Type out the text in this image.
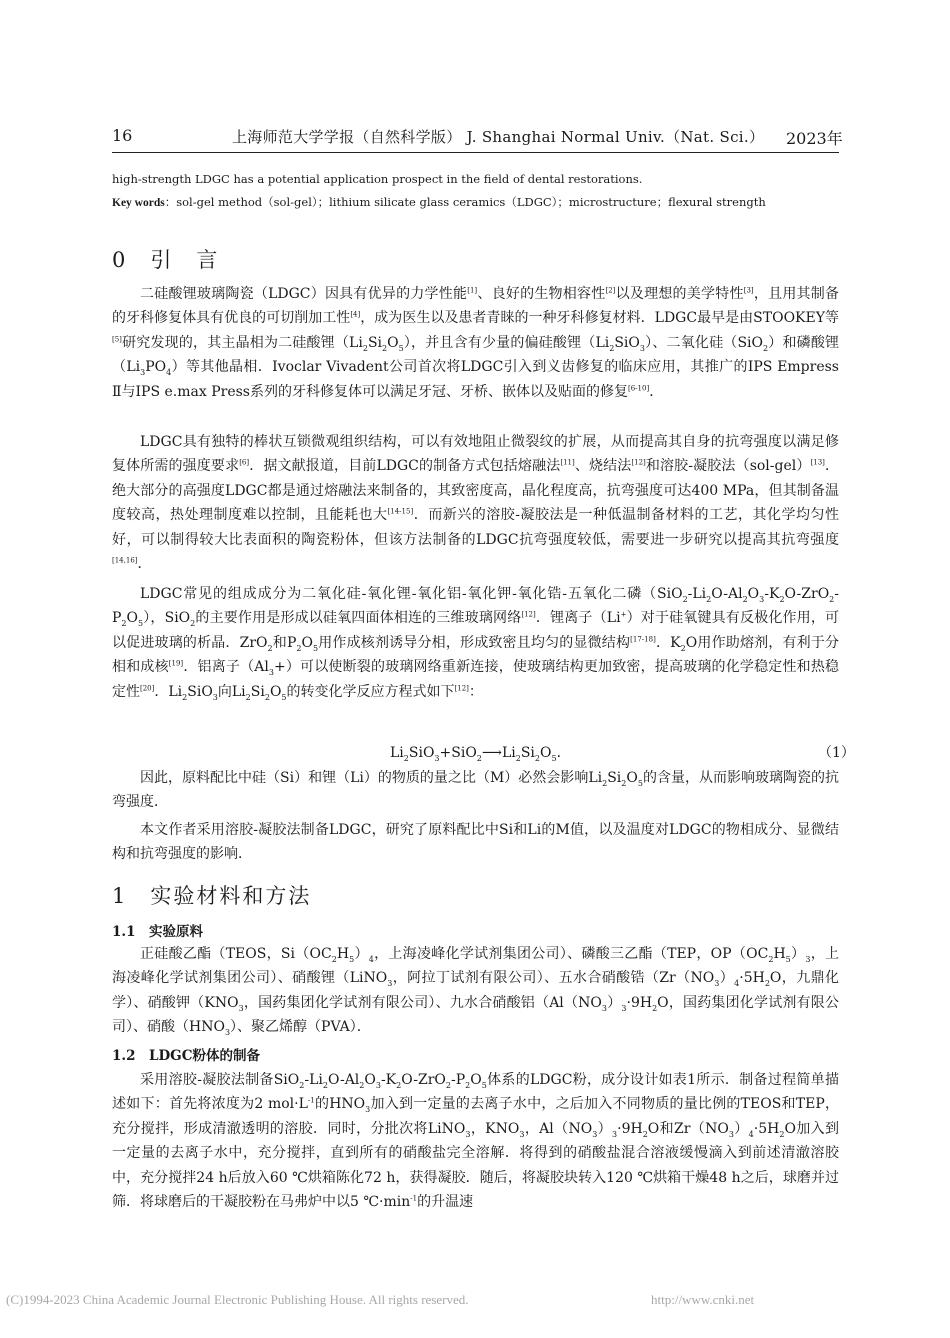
16	上海师范大学学报（自然科学版） J. Shanghai Normal Univ.（Nat. Sci.） 2023年
high-strength LDGC has a potential application prospect in the field of dental restorations.
Key words：sol-gel method（sol-gel）；lithium silicate glass ceramics（LDGC）；microstructure；flexural strength
0　引　言
二硅酸锂玻璃陶瓷（LDGC）因具有优异的力学性能[1]、良好的生物相容性[2]以及理想的美学特性[3]，且用其制备的牙科修复体具有优良的可切削加工性[4]，成为医生以及患者青睐的一种牙科修复材料．LDGC最早是由STOOKEY等[5]研究发现的，其主晶相为二硅酸锂$(Li_2Si_2O_5)$，并且含有少量的偏硅酸锂$(Li_2SiO_3)$、二氧化硅（SiO$_2$）和磷酸锂$(Li_3PO_4)$等其他晶相．Ivoclar Vivadent公司首次将LDGC引入到义齿修复的临床应用，其推广的IPS Empress Ⅱ与IPS e.max Press系列的牙科修复体可以满足牙冠、牙桥、嵌体以及贴面的修复[6-10]．
LDGC具有独特的棒状互锁微观组织结构，可以有效地阻止微裂纹的扩展，从而提高其自身的抗弯强度以满足修复体所需的强度要求[6]．据文献报道，目前LDGC的制备方式包括熔融法[11]、烧结法[12]和溶胶-凝胶法（sol-gel）[13]．绝大部分的高强度LDGC都是通过熔融法来制备的，其致密度高，晶化程度高，抗弯强度可达400 MPa，但其制备温度较高，热处理制度难以控制，且能耗也大[14-15]．而新兴的溶胶-凝胶法是一种低温制备材料的工艺，其化学均匀性好，可以制得较大比表面积的陶瓷粉体，但该方法制备的LDGC抗弯强度较低，需要进一步研究以提高其抗弯强度[14,16]．
LDGC常见的组成成分为二氧化硅-氧化锂-氧化铝-氧化钾-氧化锆-五氧化二磷$(SiO_2-Li_2O-Al_2O_3-K_2O-ZrO_2-P_2O_5)$，SiO$_2$的主要作用是形成以硅氧四面体相连的三维玻璃网络[12]．锂离子（Li+）对于硅氧键具有反极化作用，可以促进玻璃的析晶．ZrO$_2$和$P_2O_5$用作成核剂诱导分相，形成致密且均匀的显微结构[17-18]．$K_2O$用作助熔剂，有利于分相和成核[19]．铝离子$(Al_3+)$可以使断裂的玻璃网络重新连接，使玻璃结构更加致密，提高玻璃的化学稳定性和热稳定性[20]．$Li_2SiO_3$向$Li_2Si_2O_5$的转变化学反应方程式如下[12]：
$Li_2SiO_3+SiO_2⟶Li_2Si_2O_5$．	（1）
因此，原料配比中硅（Si）和锂（Li）的物质的量之比（M）必然会影响$Li_2Si_2O_5$的含量，从而影响玻璃陶瓷的抗弯强度．
本文作者采用溶胶-凝胶法制备LDGC，研究了原料配比中Si和Li的M值，以及温度对LDGC的物相成分、显微结构和抗弯强度的影响．
1　实验材料和方法
1.1　实验原料
正硅酸乙酯（TEOS，$Si(OC_2H_5)_4$，上海凌峰化学试剂集团公司）、磷酸三乙酯（TEP，$OP(OC_2H_5)_3$，上海凌峰化学试剂集团公司）、硝酸锂（LiNO$_3$，阿拉丁试剂有限公司）、五水合硝酸锆（$Zr(NO_3)_4\cdot 5H_2O$，九鼎化学）、硝酸钾（$KNO_3$，国药集团化学试剂有限公司）、九水合硝酸铝（$Al(NO_3)_3\cdot 9H_2O$，国药集团化学试剂有限公司）、硝酸$(HNO_3)$、聚乙烯醇（PVA）．
1.2　LDGC粉体的制备
采用溶胶-凝胶法制备$SiO_2-Li_2O-Al_2O_3-K_2O-ZrO_2-P_2O_5$体系的LDGC粉，成分设计如表1所示．制备过程简单描述如下：首先将浓度为2 $mol\cdot L^{-1}$的$HNO_3$加入到一定量的去离子水中，之后加入不同物质的量比例的TEOS和TEP，充分搅拌，形成清澈透明的溶胶．同时，分批次将LiNO$_3$，$KNO_3$，$Al(NO_3)_3\cdot 9H_2O$和$Zr(NO_3)_4\cdot 5H_2O$加入到一定量的去离子水中，充分搅拌，直到所有的硝酸盐完全溶解．将得到的硝酸盐混合溶液缓慢滴入到前述清澈溶胶中，充分搅拌24 h后放入60 ℃烘箱陈化72 h，获得凝胶．随后，将凝胶块转入120 ℃烘箱干燥48 h之后，球磨并过筛．将球磨后的干凝胶粉在马弗炉中以5 $℃\cdot\min^{-1}$的升温速
(C)1994-2023 China Academic Journal Electronic Publishing House. All rights reserved.	http://www.cnki.net
